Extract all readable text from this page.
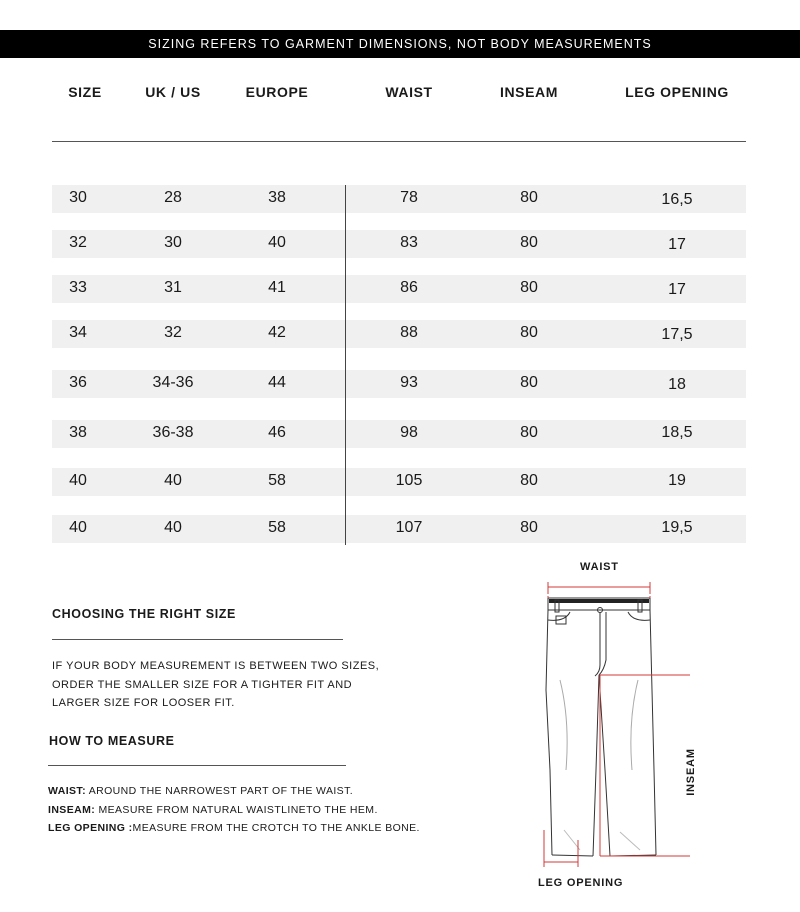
SIZING REFERS TO GARMENT DIMENSIONS, NOT BODY MEASUREMENTS
SIZE	UK / US	EUROPE	WAIST	INSEAM	LEG OPENING
30	28	38	78	80	16,5
32	30	40	83	80	17
33	31	41	86	80	17
34	32	42	88	80	17,5
36	34-36	44	93	80	18
38	36-38	46	98	80	18,5
40	40	58	105	80	19
40	40	58	107	80	19,5
CHOOSING THE RIGHT SIZE
IF YOUR BODY MEASUREMENT IS BETWEEN TWO SIZES,
ORDER THE SMALLER SIZE FOR A TIGHTER FIT AND
LARGER SIZE FOR LOOSER FIT.
HOW TO MEASURE
WAIST: AROUND THE NARROWEST PART OF THE WAIST.
INSEAM: MEASURE FROM NATURAL WAISTLINETO THE HEM.
LEG OPENING :MEASURE FROM THE CROTCH TO THE ANKLE BONE.
WAIST
INSEAM
LEG OPENING
